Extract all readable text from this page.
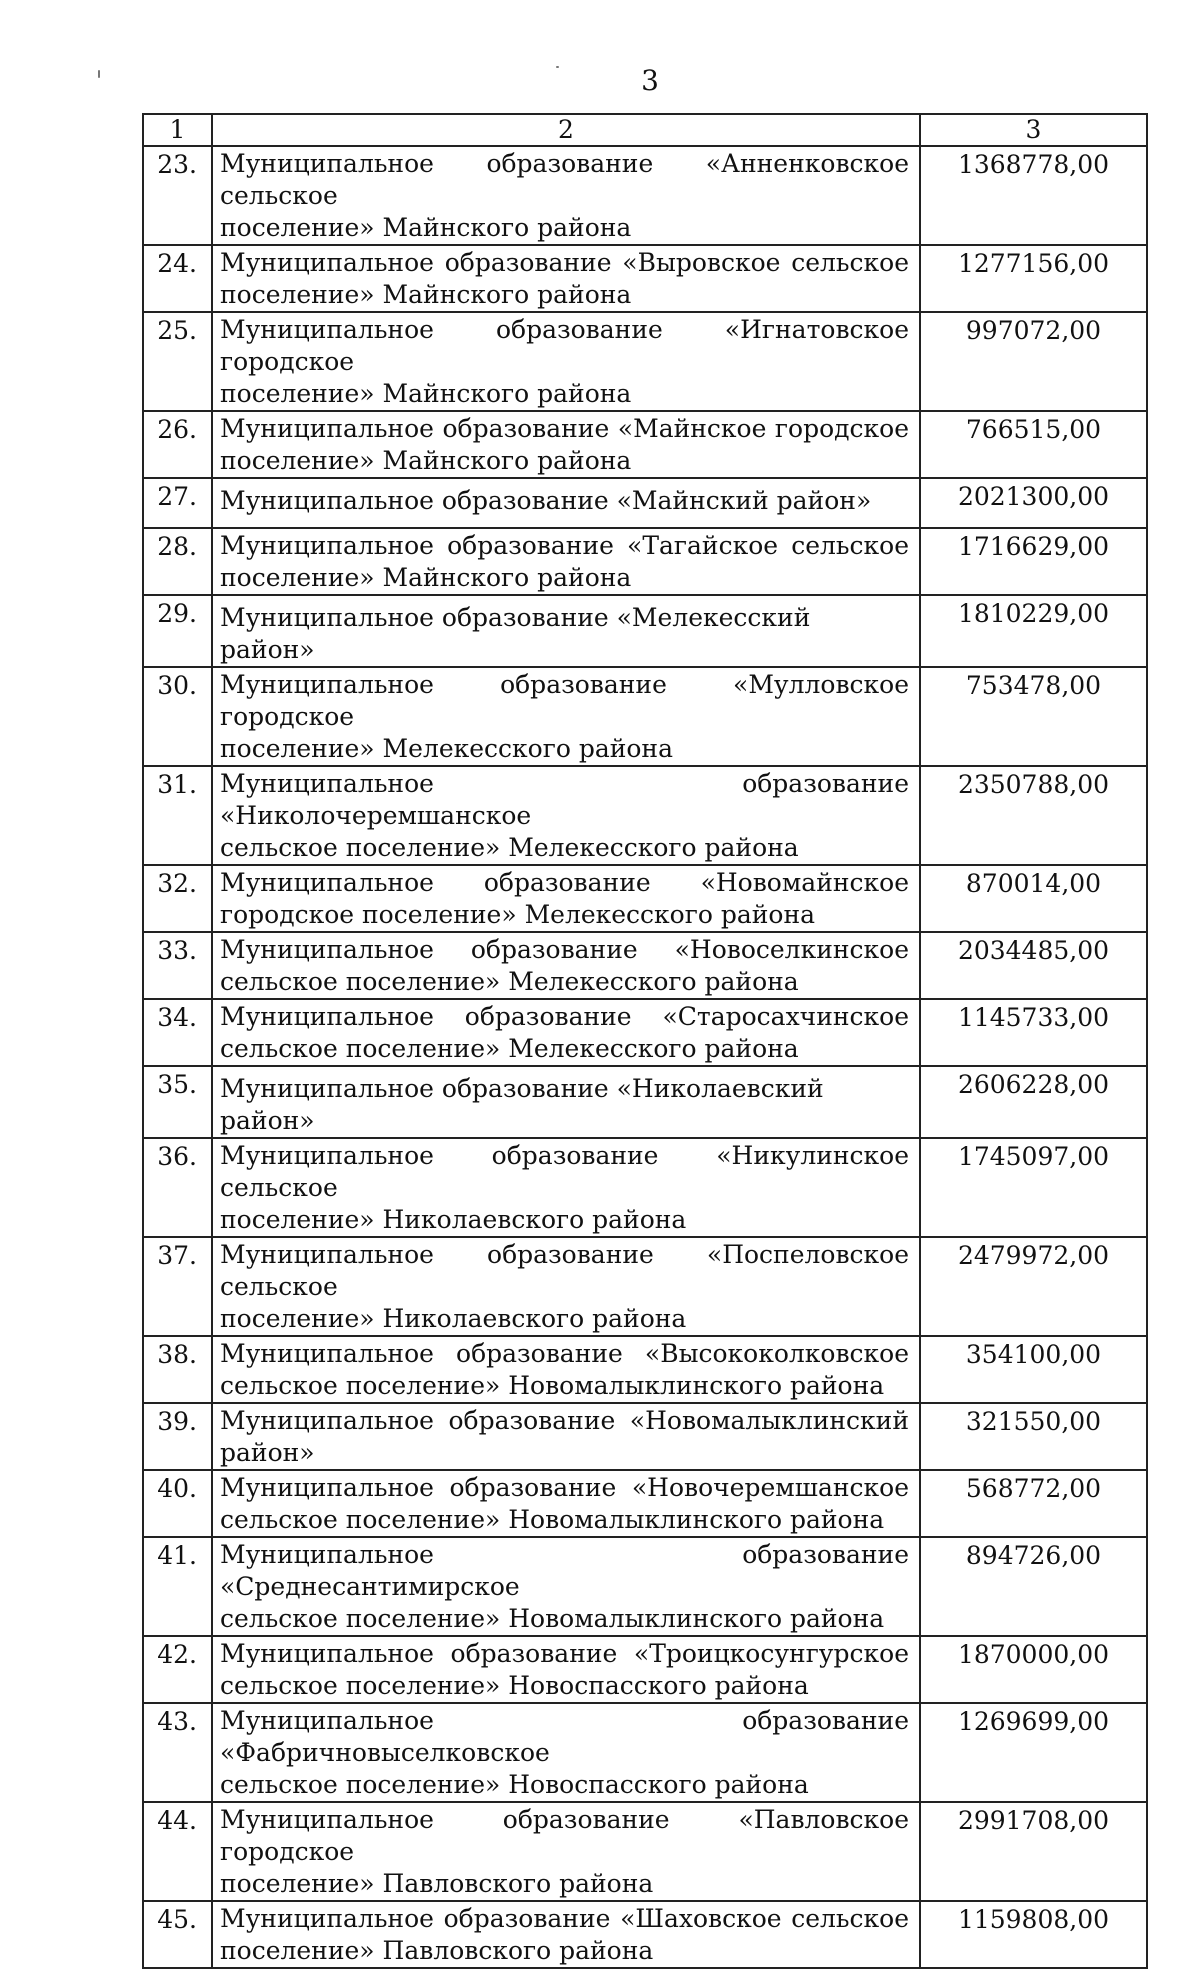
3
1	2	3
23.	Муниципальное образование «Анненковское сельское
поселение» Майнского района	1368778,00
24.	Муниципальное образование «Выровское сельское
поселение» Майнского района	1277156,00
25.	Муниципальное образование «Игнатовское городское
поселение» Майнского района	997072,00
26.	Муниципальное образование «Майнское городское
поселение» Майнского района	766515,00
27.	Муниципальное образование «Майнский район»	2021300,00
28.	Муниципальное образование «Тагайское сельское
поселение» Майнского района	1716629,00
29.	Муниципальное образование «Мелекесский район»	1810229,00
30.	Муниципальное образование «Мулловское городское
поселение» Мелекесского района	753478,00
31.	Муниципальное образование «Николочеремшанское
сельское поселение» Мелекесского района	2350788,00
32.	Муниципальное образование «Новомайнское
городское поселение» Мелекесского района	870014,00
33.	Муниципальное образование «Новоселкинское
сельское поселение» Мелекесского района	2034485,00
34.	Муниципальное образование «Старосахчинское
сельское поселение» Мелекесского района	1145733,00
35.	Муниципальное образование «Николаевский район»	2606228,00
36.	Муниципальное образование «Никулинское сельское
поселение» Николаевского района	1745097,00
37.	Муниципальное образование «Поспеловское сельское
поселение» Николаевского района	2479972,00
38.	Муниципальное образование «Высококолковское
сельское поселение» Новомалыклинского района	354100,00
39.	Муниципальное образование «Новомалыклинский
район»	321550,00
40.	Муниципальное образование «Новочеремшанское
сельское поселение» Новомалыклинского района	568772,00
41.	Муниципальное образование «Среднесантимирское
сельское поселение» Новомалыклинского района	894726,00
42.	Муниципальное образование «Троицкосунгурское
сельское поселение» Новоспасского района	1870000,00
43.	Муниципальное образование «Фабричновыселковское
сельское поселение» Новоспасского района	1269699,00
44.	Муниципальное образование «Павловское городское
поселение» Павловского района	2991708,00
45.	Муниципальное образование «Шаховское сельское
поселение» Павловского района	1159808,00
